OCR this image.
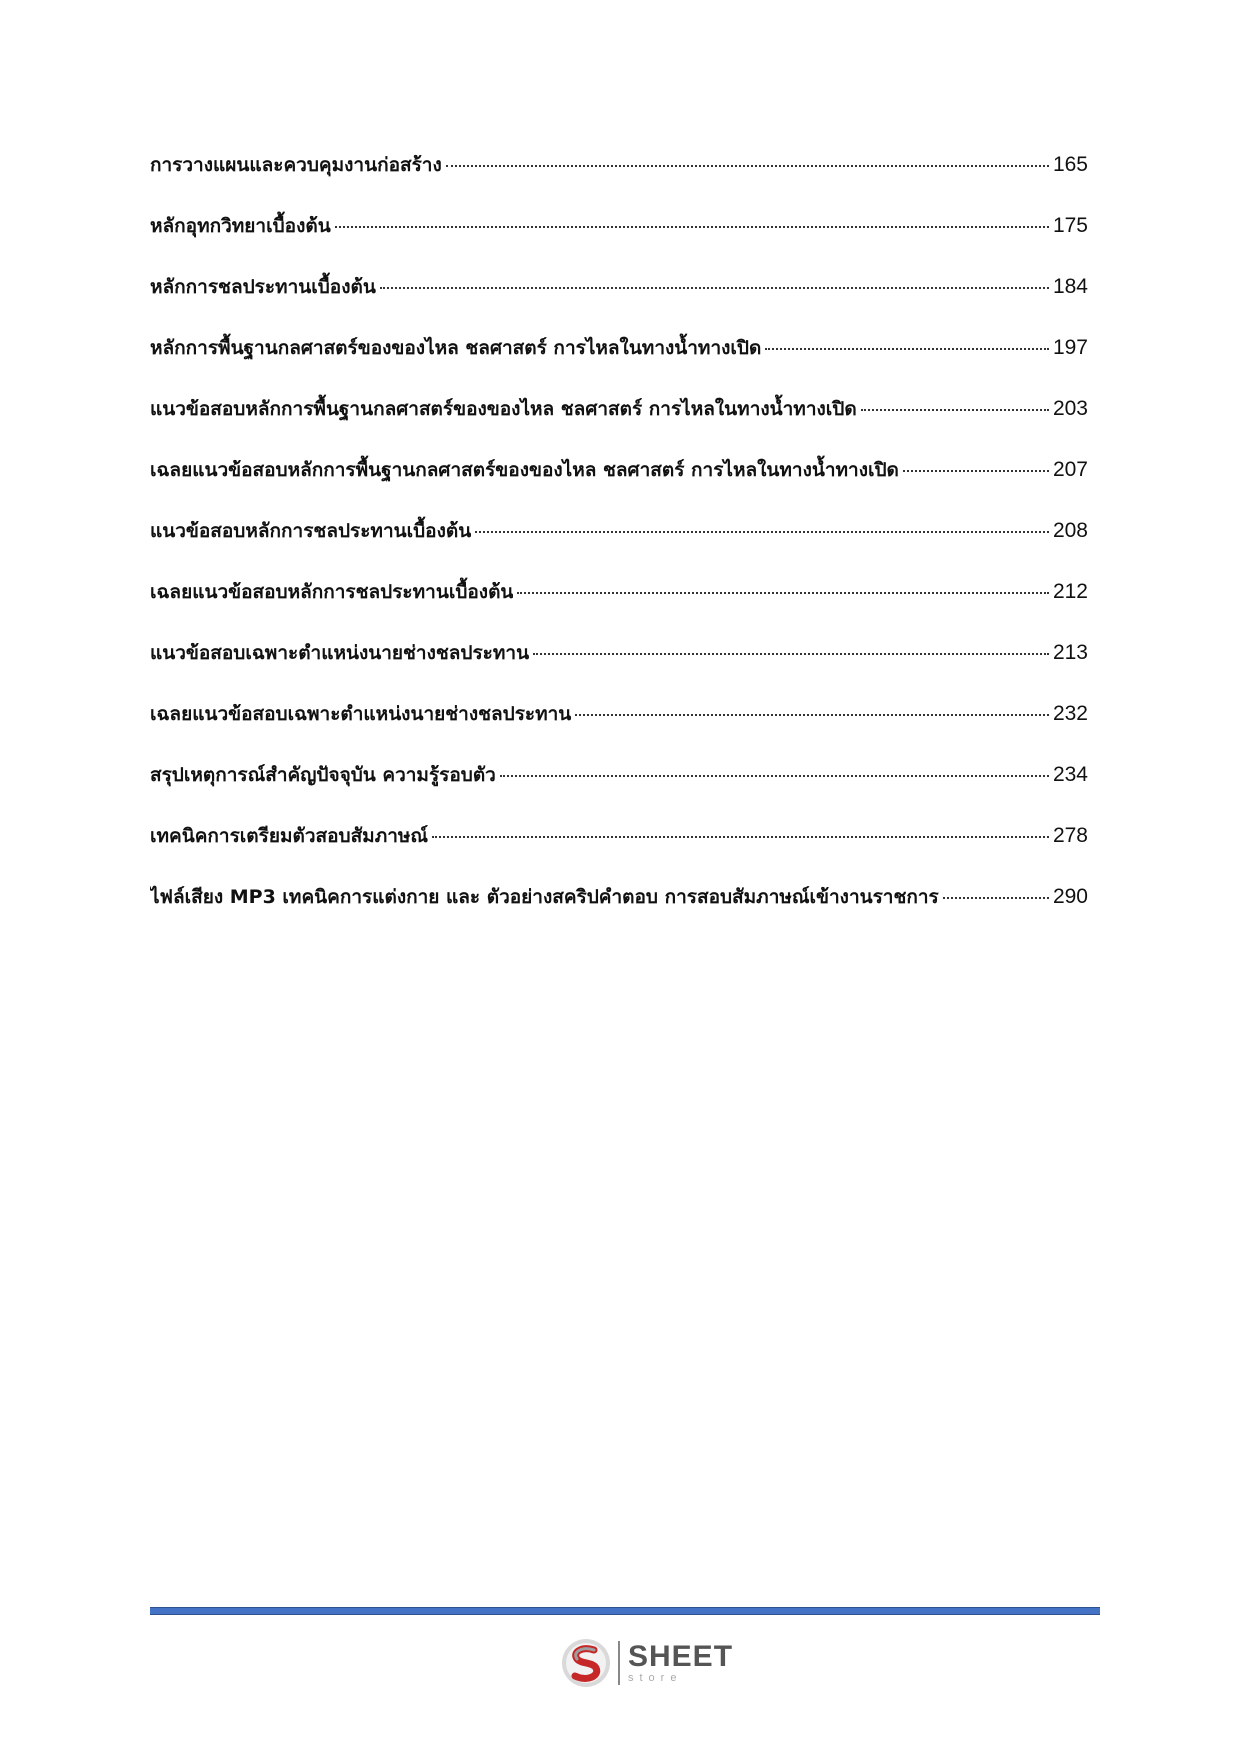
การวางแผนและควบคุมงานก่อสร้าง	165
หลักอุทกวิทยาเบื้องต้น	175
หลักการชลประทานเบื้องต้น	184
หลักการพื้นฐานกลศาสตร์ของของไหล ชลศาสตร์ การไหลในทางน้ำทางเปิด	197
แนวข้อสอบหลักการพื้นฐานกลศาสตร์ของของไหล ชลศาสตร์ การไหลในทางน้ำทางเปิด	203
เฉลยแนวข้อสอบหลักการพื้นฐานกลศาสตร์ของของไหล ชลศาสตร์ การไหลในทางน้ำทางเปิด	207
แนวข้อสอบหลักการชลประทานเบื้องต้น	208
เฉลยแนวข้อสอบหลักการชลประทานเบื้องต้น	212
แนวข้อสอบเฉพาะตำแหน่งนายช่างชลประทาน	213
เฉลยแนวข้อสอบเฉพาะตำแหน่งนายช่างชลประทาน	232
สรุปเหตุการณ์สำคัญปัจจุบัน ความรู้รอบตัว	234
เทคนิคการเตรียมตัวสอบสัมภาษณ์	278
ไฟล์เสียง MP3 เทคนิคการแต่งกาย และ ตัวอย่างสคริปคำตอบ การสอบสัมภาษณ์เข้างานราชการ	290
SHEET
store
